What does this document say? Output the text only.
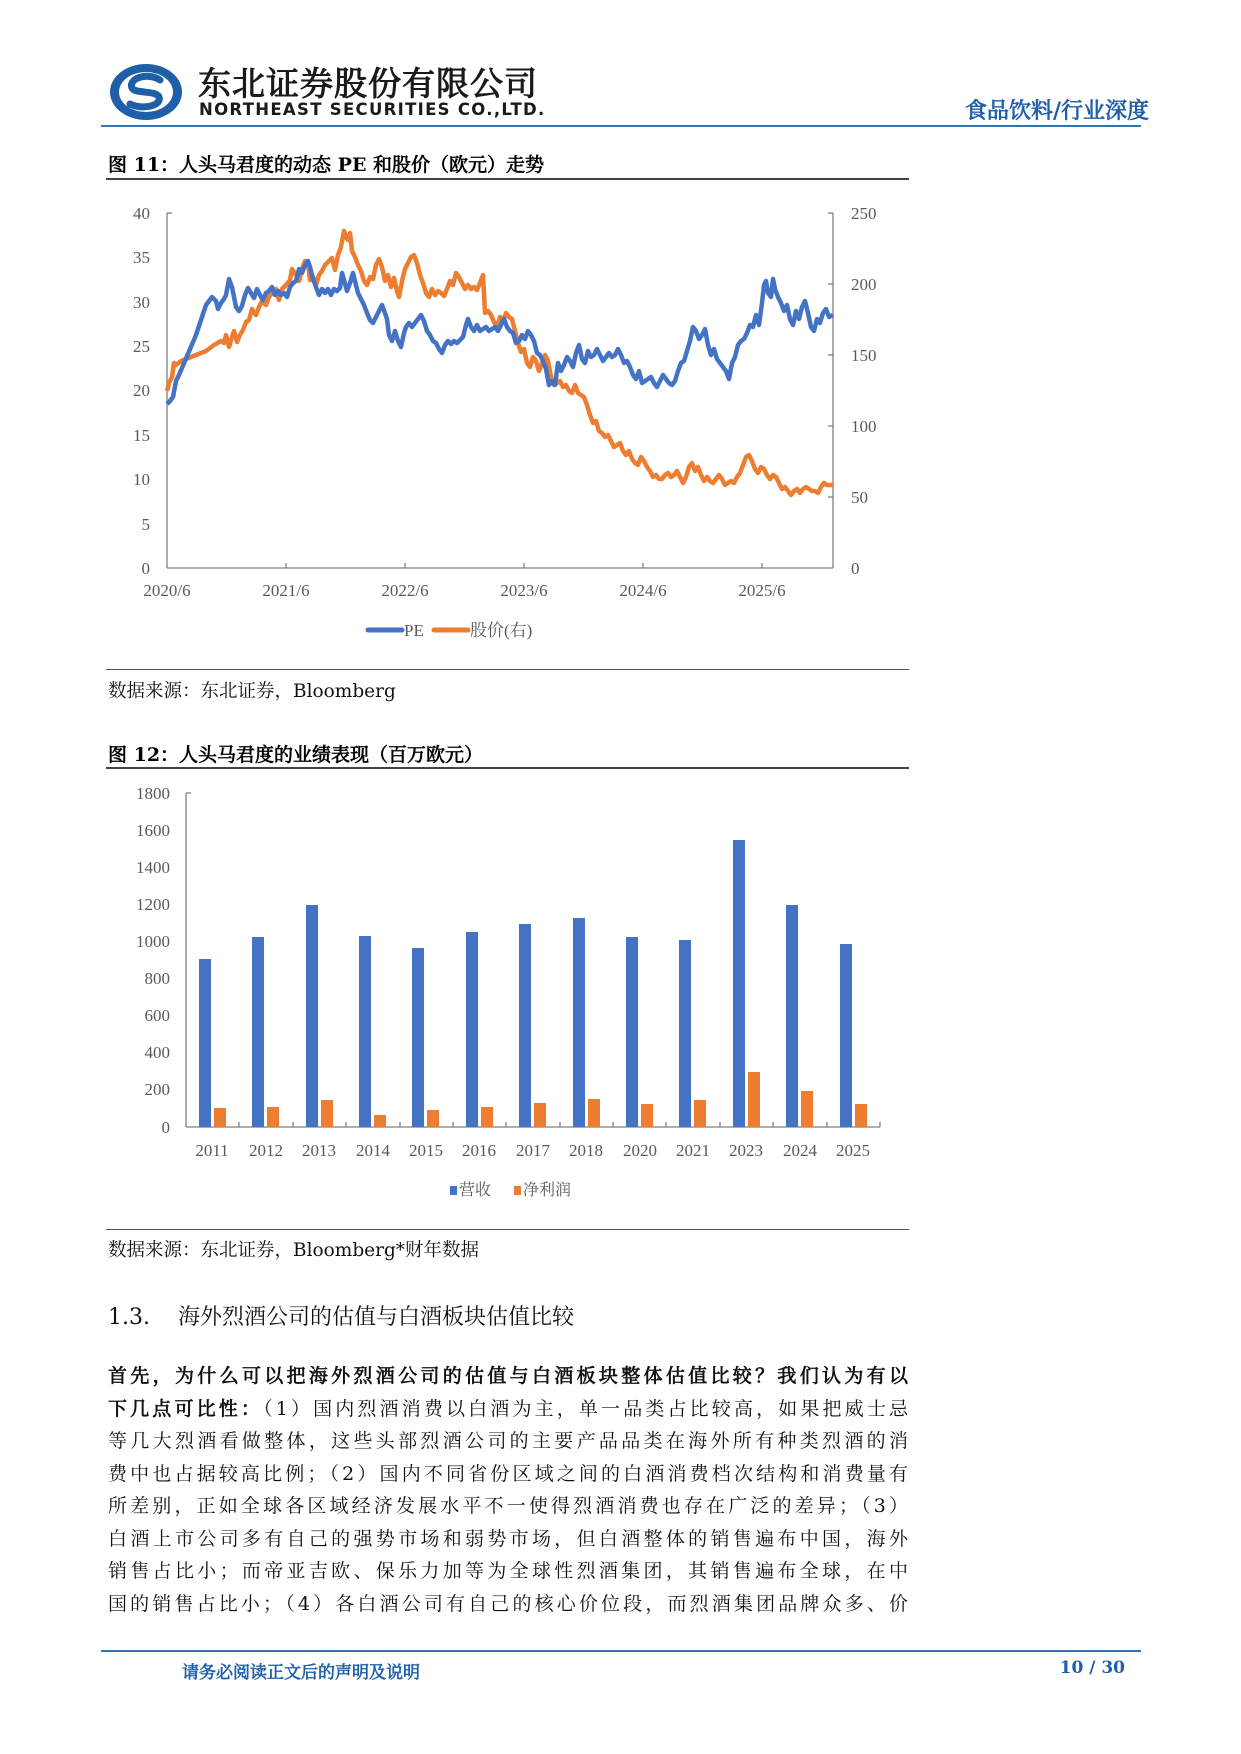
东北证券股份有限公司
NORTHEAST SECURITIES CO.,LTD.	食品饮料/行业深度
图 11：人头马君度的动态 PE 和股价（欧元）走势
40
35
30
25
20
15
10
5
0
250
200
150
100
50
0
2020/6	2021/6	2022/6	2023/6	2024/6	2025/6
PE	股价(右)
数据来源：东北证券，Bloomberg
图 12：人头马君度的业绩表现（百万欧元）
1800
1600
1400
1200
1000
800
600
400
200
0
2011 2012 2013 2014 2015 2016 2017 2018 2020 2021 2023 2024 2025
营收 净利润
数据来源：东北证券，Bloomberg*财年数据
1.3. 海外烈酒公司的估值与白酒板块估值比较
首先，为什么可以把海外烈酒公司的估值与白酒板块整体估值比较？我们认为有以
下几点可比性：（1）国内烈酒消费以白酒为主，单一品类占比较高，如果把威士忌
等几大烈酒看做整体，这些头部烈酒公司的主要产品品类在海外所有种类烈酒的消
费中也占据较高比例；（2）国内不同省份区域之间的白酒消费档次结构和消费量有
所差别，正如全球各区域经济发展水平不一使得烈酒消费也存在广泛的差异；（3）
白酒上市公司多有自己的强势市场和弱势市场，但白酒整体的销售遍布中国，海外
销售占比小；而帝亚吉欧、保乐力加等为全球性烈酒集团，其销售遍布全球，在中
国的销售占比小；（4）各白酒公司有自己的核心价位段，而烈酒集团品牌众多、价
请务必阅读正文后的声明及说明	10 / 30
